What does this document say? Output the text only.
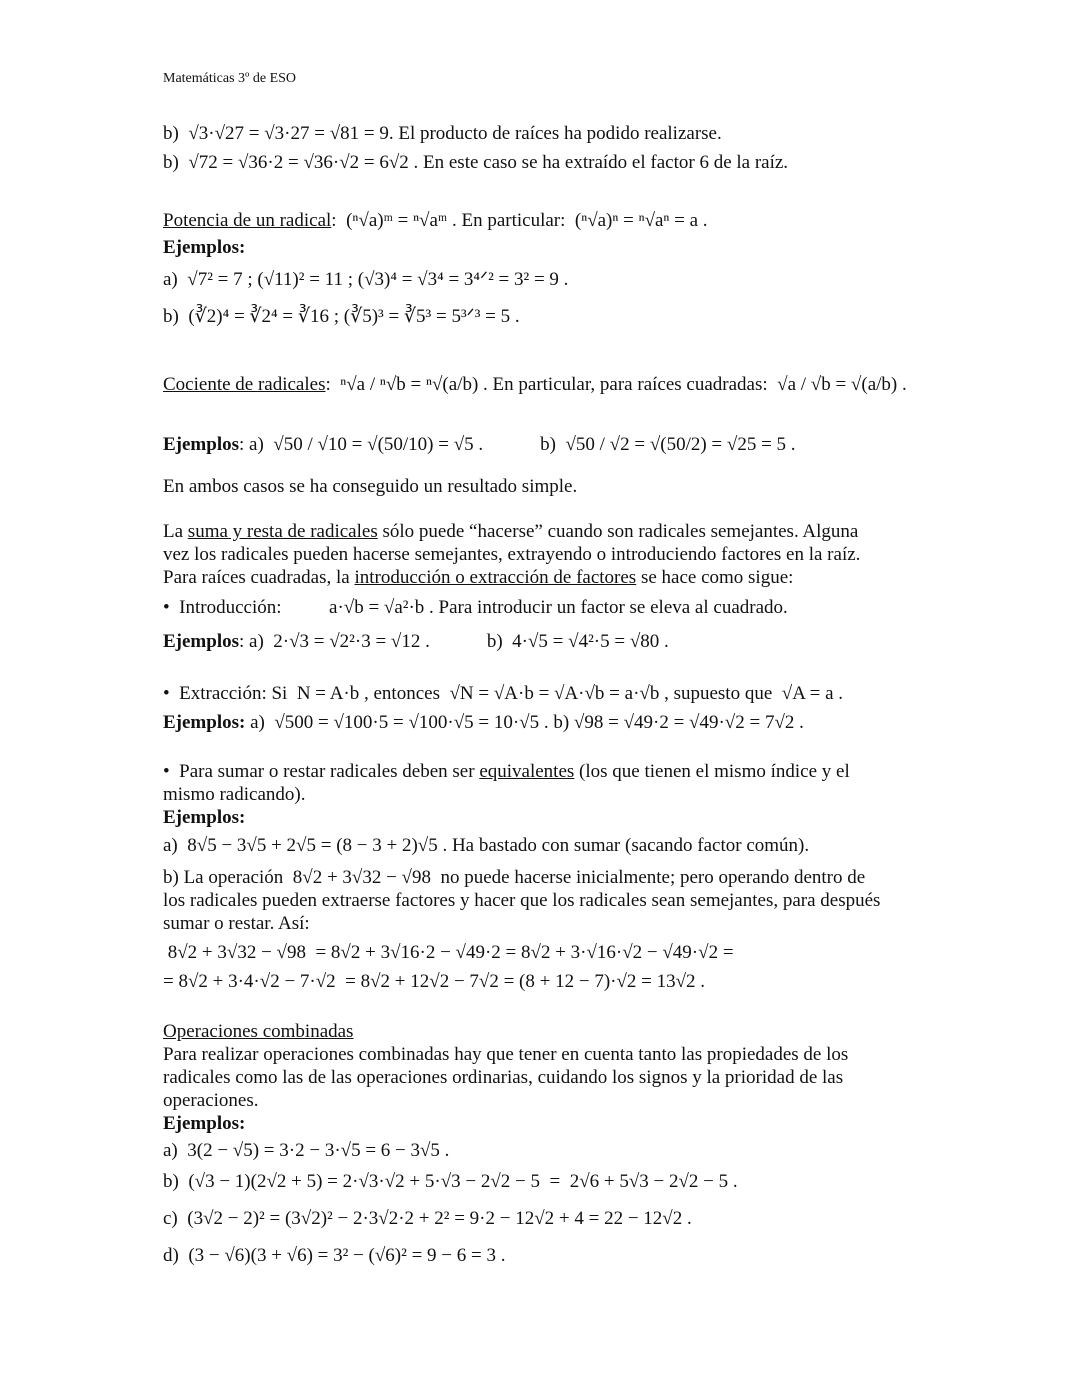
Matemáticas 3º de ESO
b)  √3·√27 = √3·27 = √81 = 9. El producto de raíces ha podido realizarse.
b)  √72 = √36·2 = √36·√2 = 6√2 . En este caso se ha extraído el factor 6 de la raíz.
Potencia de un radical:  (ⁿ√a)ᵐ = ⁿ√aᵐ . En particular:  (ⁿ√a)ⁿ = ⁿ√aⁿ = a .
Ejemplos:
a)  √7² = 7 ; (√11)² = 11 ; (√3)⁴ = √3⁴ = 3⁴ᐟ² = 3² = 9 .
b)  (∛2)⁴ = ∛2⁴ = ∛16 ; (∛5)³ = ∛5³ = 5³ᐟ³ = 5 .
Cociente de radicales:  ⁿ√a / ⁿ√b = ⁿ√(a/b) . En particular, para raíces cuadradas:  √a / √b = √(a/b) .
Ejemplos: a)  √50 / √10 = √(50/10) = √5 .            b)  √50 / √2 = √(50/2) = √25 = 5 .
En ambos casos se ha conseguido un resultado simple.
La suma y resta de radicales sólo puede “hacerse” cuando son radicales semejantes. Alguna
vez los radicales pueden hacerse semejantes, extrayendo o introduciendo factores en la raíz.
Para raíces cuadradas, la introducción o extracción de factores se hace como sigue:
•  Introducción:          a·√b = √a²·b . Para introducir un factor se eleva al cuadrado.
Ejemplos: a)  2·√3 = √2²·3 = √12 .            b)  4·√5 = √4²·5 = √80 .
•  Extracción: Si  N = A·b , entonces  √N = √A·b = √A·√b = a·√b , supuesto que  √A = a .
Ejemplos: a)  √500 = √100·5 = √100·√5 = 10·√5 . b) √98 = √49·2 = √49·√2 = 7√2 .
•  Para sumar o restar radicales deben ser equivalentes (los que tienen el mismo índice y el
mismo radicando).
Ejemplos:
a)  8√5 − 3√5 + 2√5 = (8 − 3 + 2)√5 . Ha bastado con sumar (sacando factor común).
b) La operación  8√2 + 3√32 − √98  no puede hacerse inicialmente; pero operando dentro de
los radicales pueden extraerse factores y hacer que los radicales sean semejantes, para después
sumar o restar. Así:
8√2 + 3√32 − √98  = 8√2 + 3√16·2 − √49·2 = 8√2 + 3·√16·√2 − √49·√2 =
= 8√2 + 3·4·√2 − 7·√2  = 8√2 + 12√2 − 7√2 = (8 + 12 − 7)·√2 = 13√2 .
Operaciones combinadas
Para realizar operaciones combinadas hay que tener en cuenta tanto las propiedades de los
radicales como las de las operaciones ordinarias, cuidando los signos y la prioridad de las
operaciones.
Ejemplos:
a)  3(2 − √5) = 3·2 − 3·√5 = 6 − 3√5 .
b)  (√3 − 1)(2√2 + 5) = 2·√3·√2 + 5·√3 − 2√2 − 5  =  2√6 + 5√3 − 2√2 − 5 .
c)  (3√2 − 2)² = (3√2)² − 2·3√2·2 + 2² = 9·2 − 12√2 + 4 = 22 − 12√2 .
d)  (3 − √6)(3 + √6) = 3² − (√6)² = 9 − 6 = 3 .
